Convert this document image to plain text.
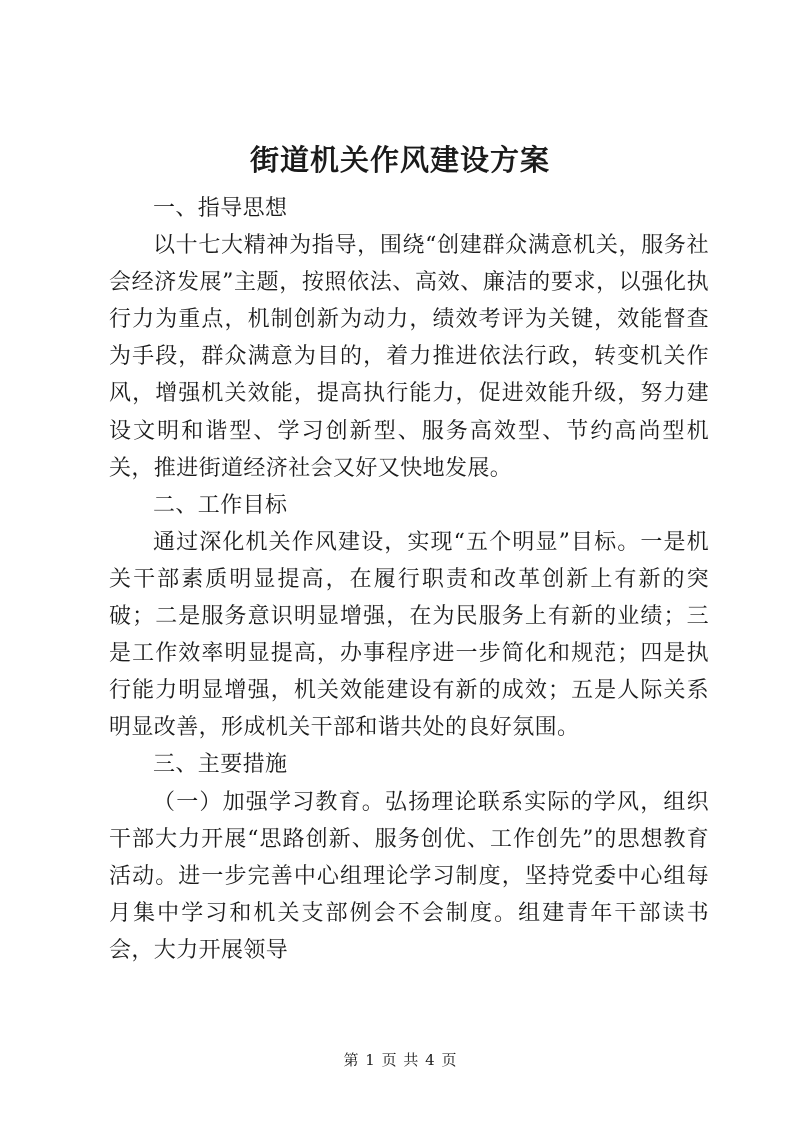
街道机关作风建设方案

一、指导思想

以十七大精神为指导，围绕“创建群众满意机关，服务社会经济发展”主题，按照依法、高效、廉洁的要求，以强化执行力为重点，机制创新为动力，绩效考评为关键，效能督查为手段，群众满意为目的，着力推进依法行政，转变机关作风，增强机关效能，提高执行能力，促进效能升级，努力建设文明和谐型、学习创新型、服务高效型、节约高尚型机关，推进街道经济社会又好又快地发展。

二、工作目标

通过深化机关作风建设，实现“五个明显”目标。一是机关干部素质明显提高，在履行职责和改革创新上有新的突破；二是服务意识明显增强，在为民服务上有新的业绩；三是工作效率明显提高，办事程序进一步简化和规范；四是执行能力明显增强，机关效能建设有新的成效；五是人际关系明显改善，形成机关干部和谐共处的良好氛围。

三、主要措施

（一）加强学习教育。弘扬理论联系实际的学风，组织干部大力开展“思路创新、服务创优、工作创先”的思想教育活动。进一步完善中心组理论学习制度，坚持党委中心组每月集中学习和机关支部例会不会制度。组建青年干部读书会，大力开展领导

第 1 页 共 4 页
